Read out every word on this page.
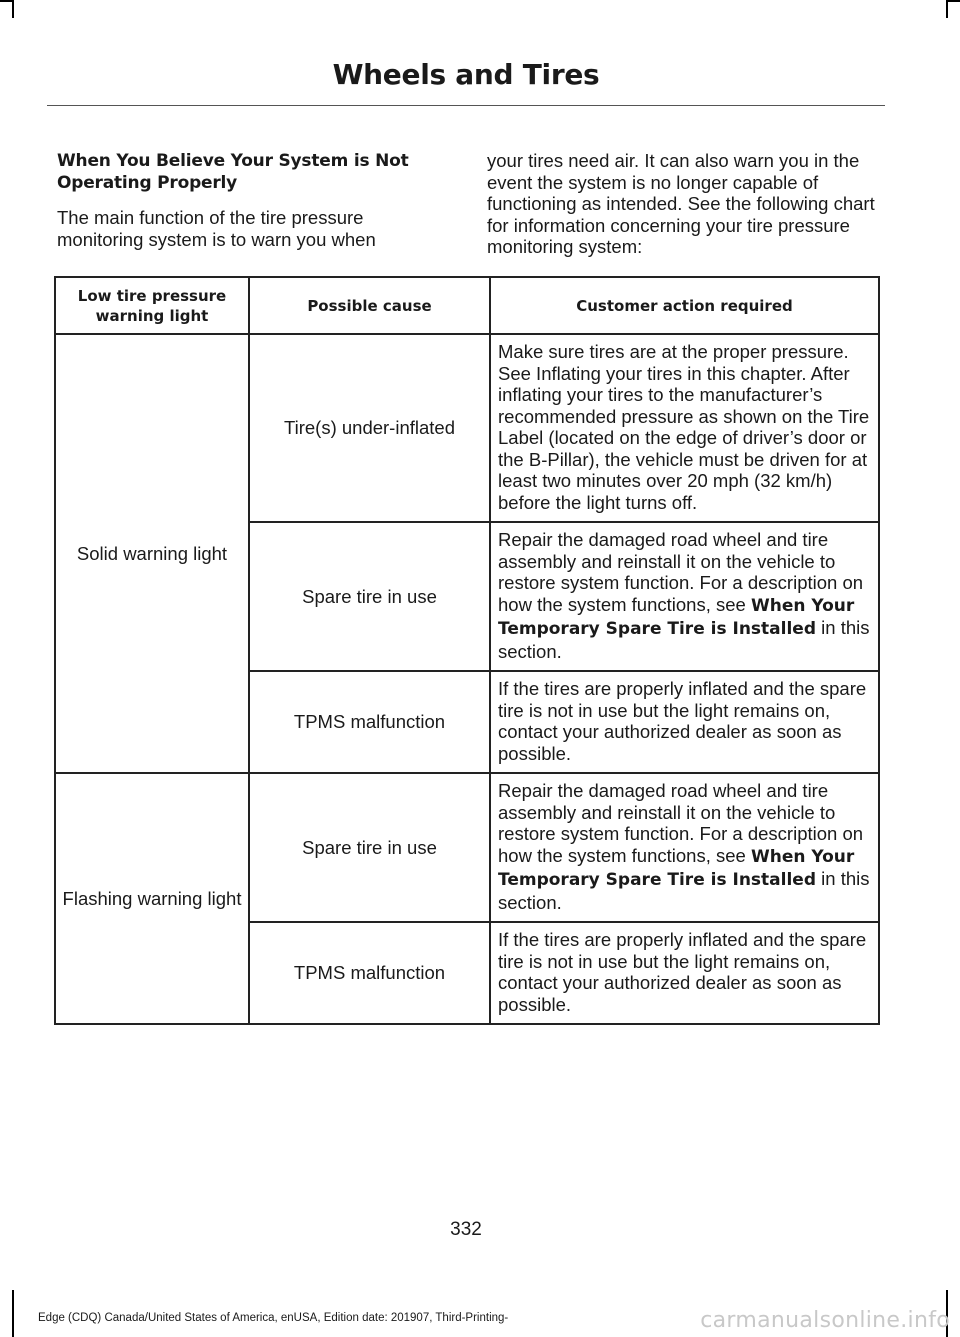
Wheels and Tires

When You Believe Your System is Not Operating Properly

The main function of the tire pressure monitoring system is to warn you when

your tires need air. It can also warn you in the event the system is no longer capable of functioning as intended. See the following chart for information concerning your tire pressure monitoring system:

Low tire pressure warning light	Possible cause	Customer action required
Solid warning light	Tire(s) under-inflated	Make sure tires are at the proper pressure. See Inflating your tires in this chapter. After inflating your tires to the manufacturer’s recommended pressure as shown on the Tire Label (located on the edge of driver’s door or the B-Pillar), the vehicle must be driven for at least two minutes over 20 mph (32 km/h) before the light turns off.
	Spare tire in use	Repair the damaged road wheel and tire assembly and reinstall it on the vehicle to restore system function. For a description on how the system functions, see When Your Temporary Spare Tire is Installed in this section.
	TPMS malfunction	If the tires are properly inflated and the spare tire is not in use but the light remains on, contact your authorized dealer as soon as possible.
Flashing warning light	Spare tire in use	Repair the damaged road wheel and tire assembly and reinstall it on the vehicle to restore system function. For a description on how the system functions, see When Your Temporary Spare Tire is Installed in this section.
	TPMS malfunction	If the tires are properly inflated and the spare tire is not in use but the light remains on, contact your authorized dealer as soon as possible.
332
Edge (CDQ) Canada/United States of America, enUSA, Edition date: 201907, Third-Printing-	carmanualsonline.info
